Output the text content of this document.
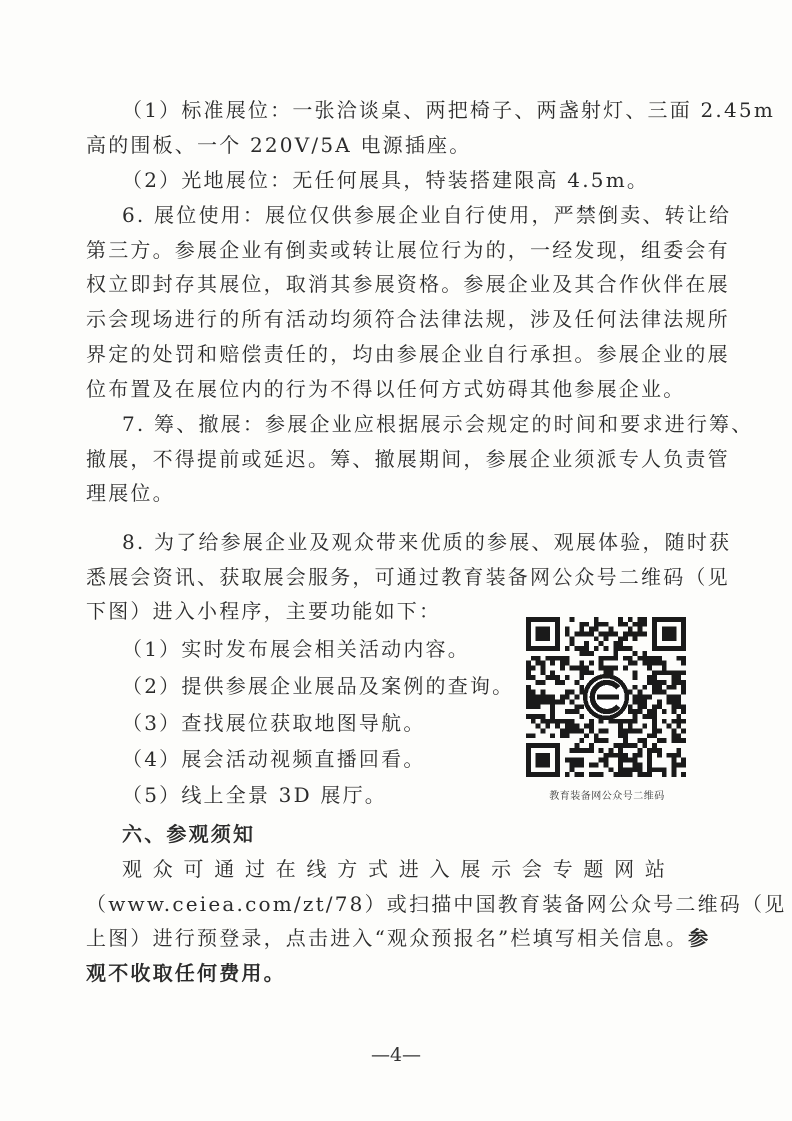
（1）标准展位：一张洽谈桌、两把椅子、两盏射灯、三面 2.45m
高的围板、一个 220V/5A 电源插座。

（2）光地展位：无任何展具，特装搭建限高 4.5m。

6. 展位使用：展位仅供参展企业自行使用，严禁倒卖、转让给
第三方。参展企业有倒卖或转让展位行为的，一经发现，组委会有
权立即封存其展位，取消其参展资格。参展企业及其合作伙伴在展
示会现场进行的所有活动均须符合法律法规，涉及任何法律法规所
界定的处罚和赔偿责任的，均由参展企业自行承担。参展企业的展
位布置及在展位内的行为不得以任何方式妨碍其他参展企业。

7. 筹、撤展：参展企业应根据展示会规定的时间和要求进行筹、
撤展，不得提前或延迟。筹、撤展期间，参展企业须派专人负责管
理展位。

8. 为了给参展企业及观众带来优质的参展、观展体验，随时获
悉展会资讯、获取展会服务，可通过教育装备网公众号二维码（见
下图）进入小程序，主要功能如下：

（1）实时发布展会相关活动内容。
（2）提供参展企业展品及案例的查询。
（3）查找展位获取地图导航。
（4）展会活动视频直播回看。
（5）线上全景 3D 展厅。	教育装备网公众号二维码

六、参观须知

观 众 可 通 过 在 线 方 式 进 入 展 示 会 专 题 网 站
（www.ceiea.com/zt/78）或扫描中国教育装备网公众号二维码（见
上图）进行预登录，点击进入“观众预报名”栏填写相关信息。参
观不收取任何费用。

—4—
